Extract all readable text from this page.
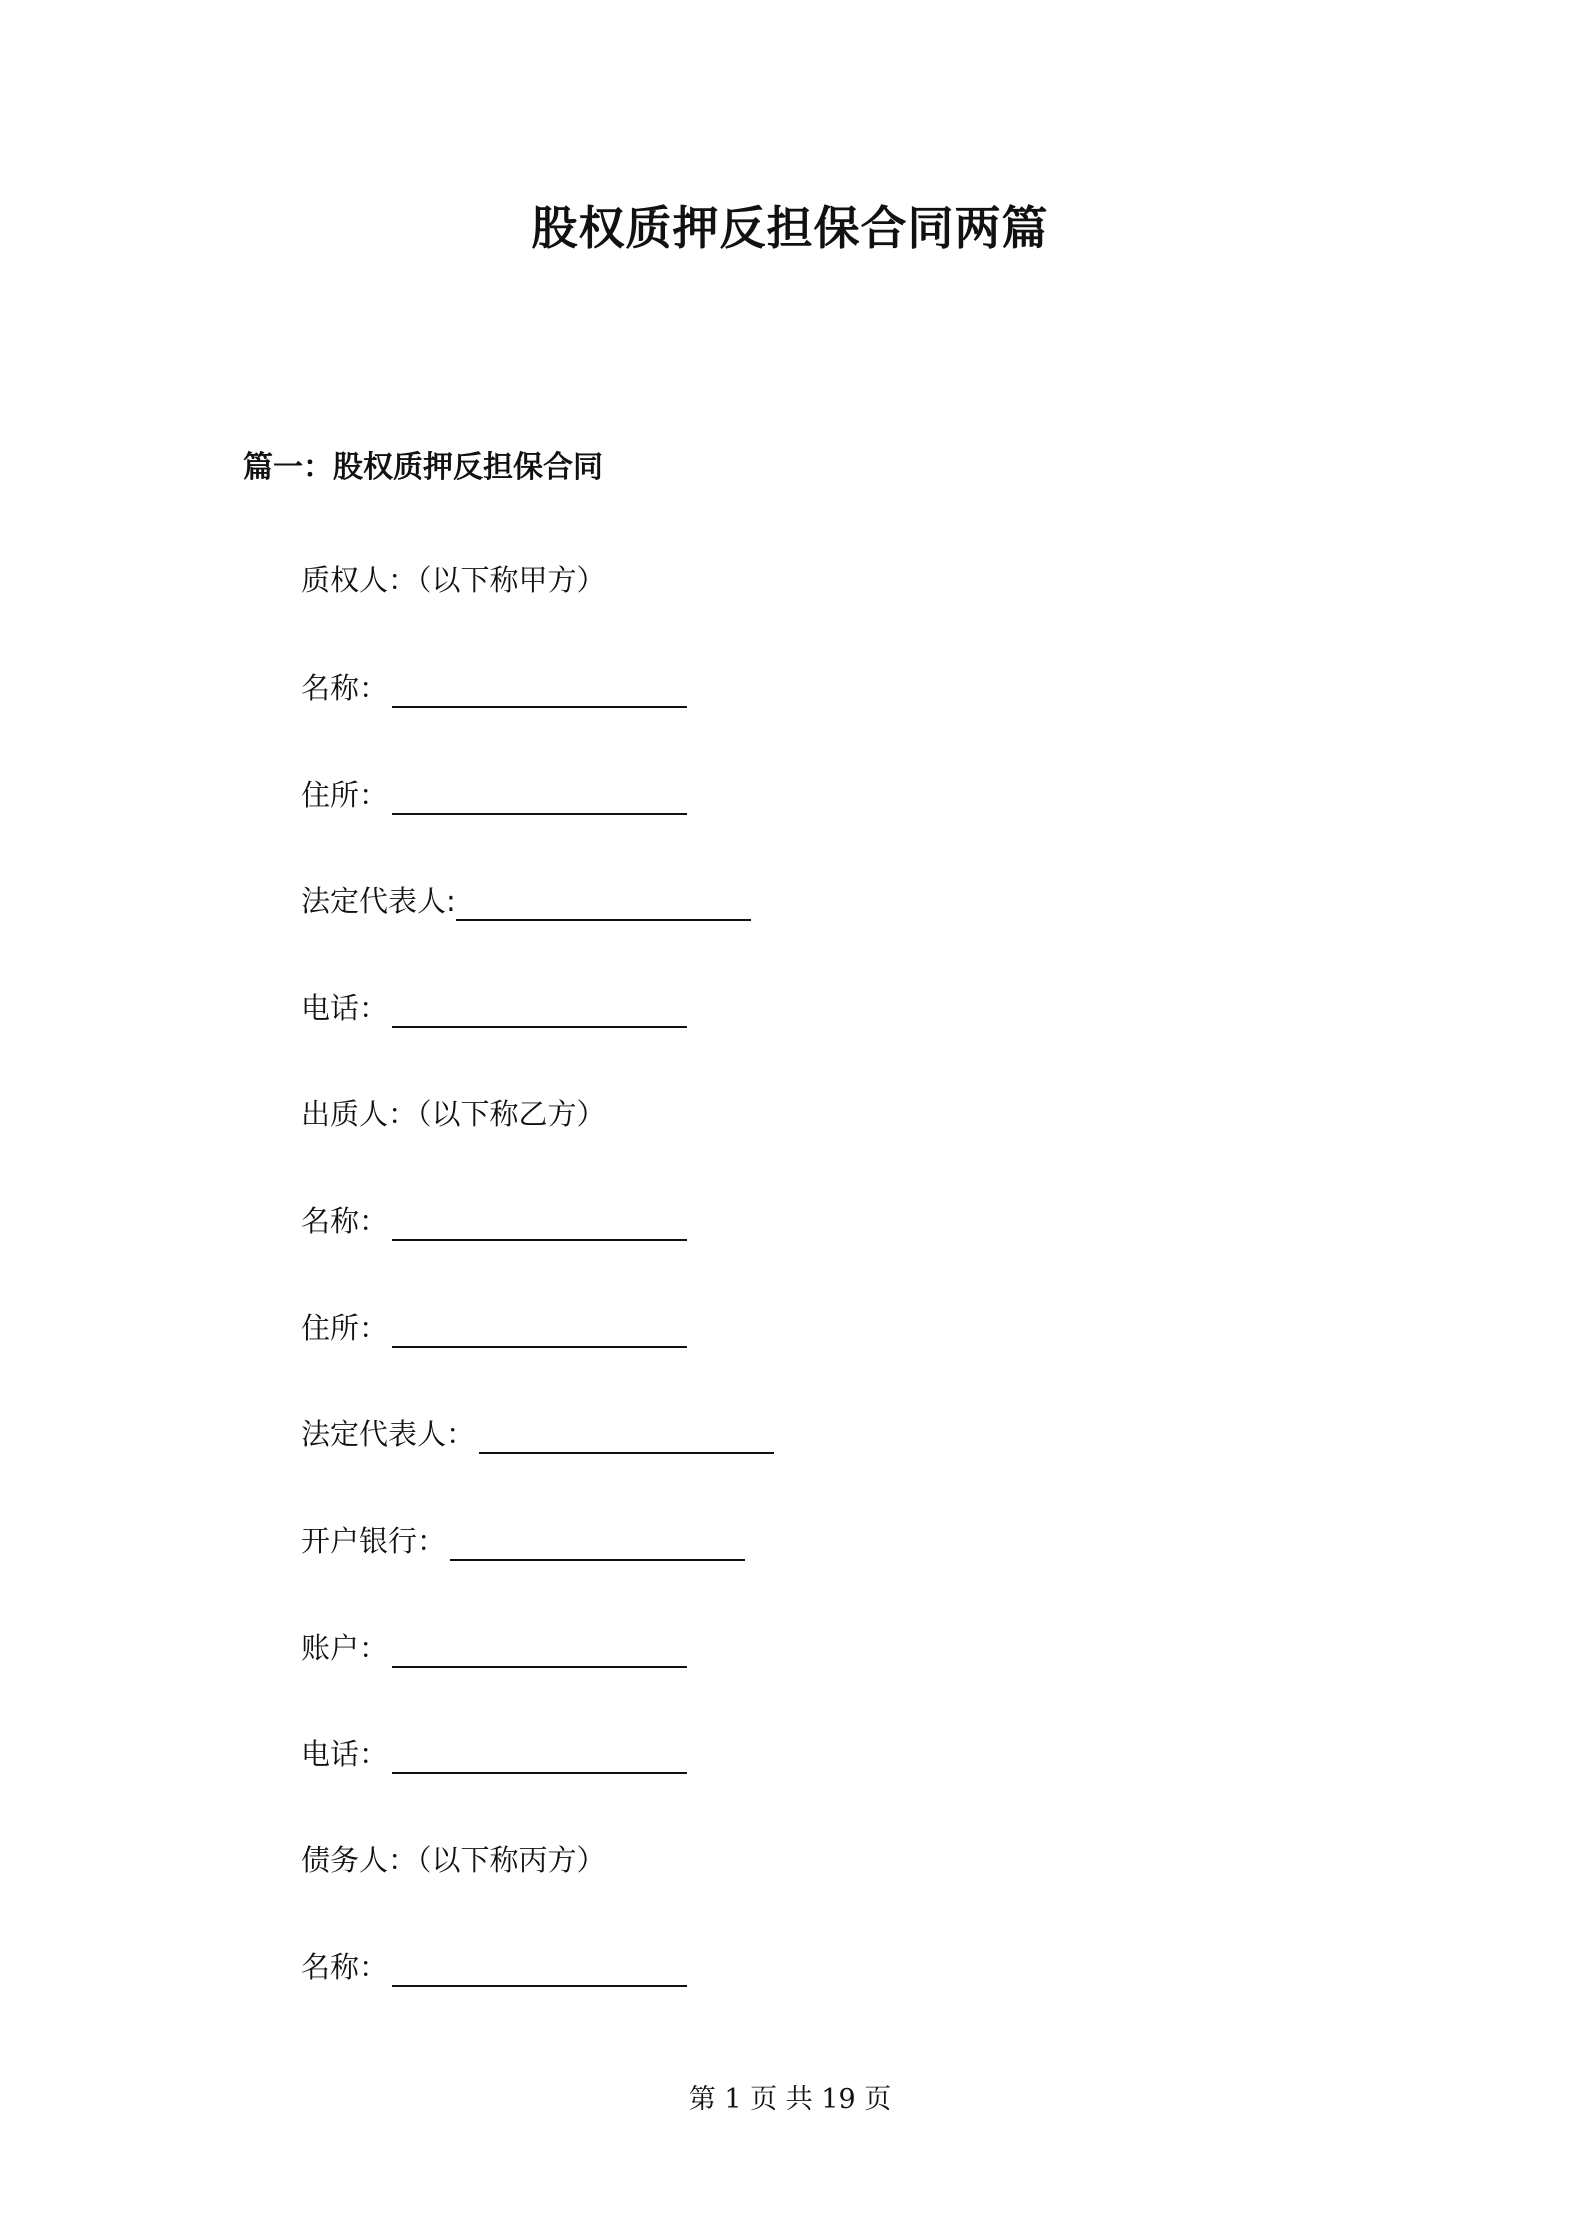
股权质押反担保合同两篇
篇一：股权质押反担保合同
质权人：（以下称甲方）
名称：
住所：
法定代表人:
电话：
出质人：（以下称乙方）
名称：
住所：
法定代表人：
开户银行：
账户：
电话：
债务人：（以下称丙方）
名称：
第 1 页 共 19 页
